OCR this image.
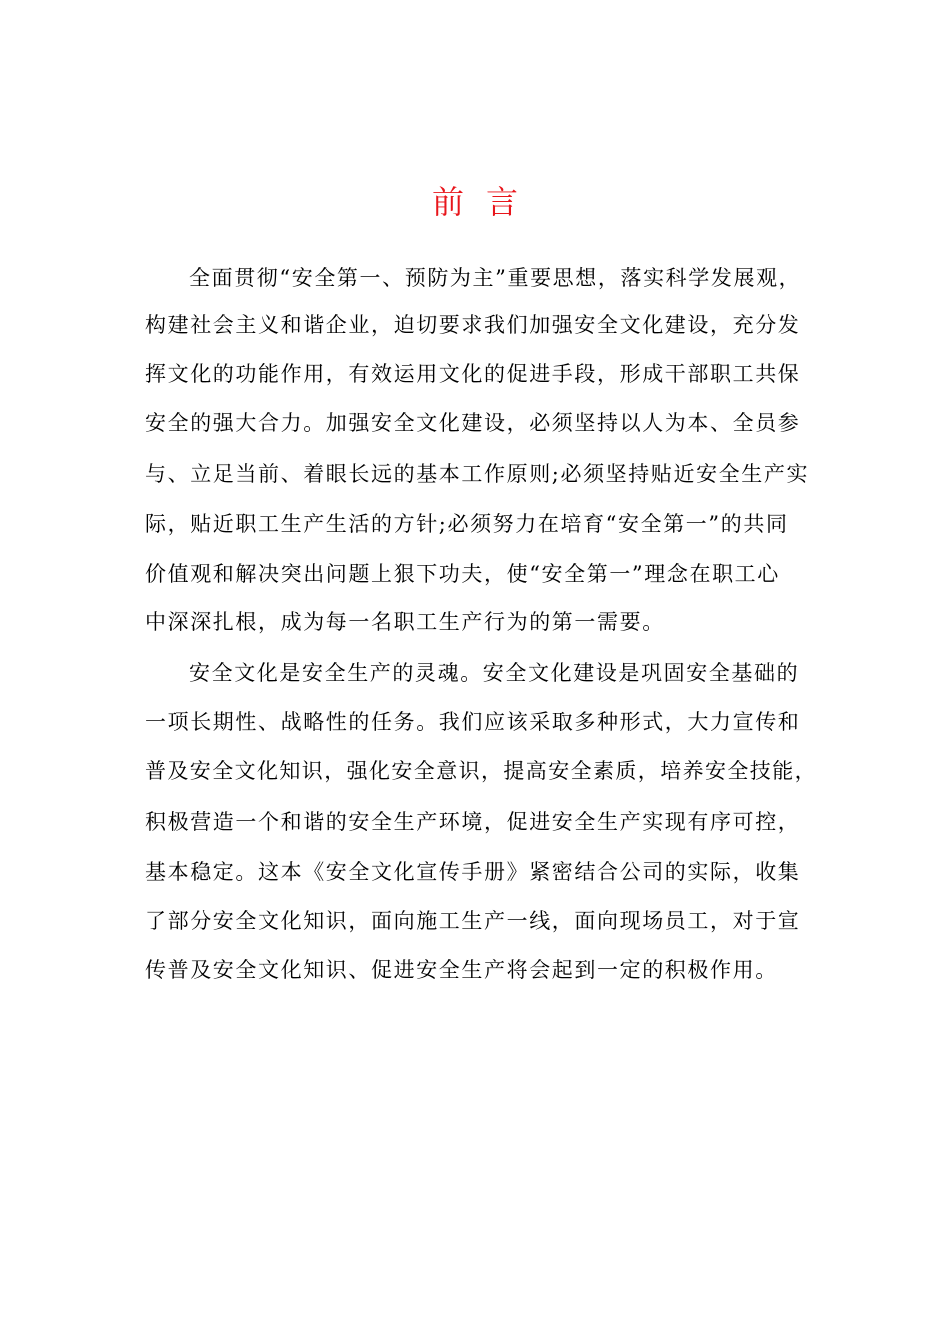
前言
全面贯彻“安全第一、预防为主”重要思想，落实科学发展观，
构建社会主义和谐企业，迫切要求我们加强安全文化建设，充分发
挥文化的功能作用，有效运用文化的促进手段，形成干部职工共保
安全的强大合力。加强安全文化建设，必须坚持以人为本、全员参
与、立足当前、着眼长远的基本工作原则;必须坚持贴近安全生产实
际，贴近职工生产生活的方针;必须努力在培育“安全第一”的共同
价值观和解决突出问题上狠下功夫，使“安全第一”理念在职工心
中深深扎根，成为每一名职工生产行为的第一需要。
安全文化是安全生产的灵魂。安全文化建设是巩固安全基础的
一项长期性、战略性的任务。我们应该采取多种形式，大力宣传和
普及安全文化知识，强化安全意识，提高安全素质，培养安全技能，
积极营造一个和谐的安全生产环境，促进安全生产实现有序可控，
基本稳定。这本《安全文化宣传手册》紧密结合公司的实际，收集
了部分安全文化知识，面向施工生产一线，面向现场员工，对于宣
传普及安全文化知识、促进安全生产将会起到一定的积极作用。
